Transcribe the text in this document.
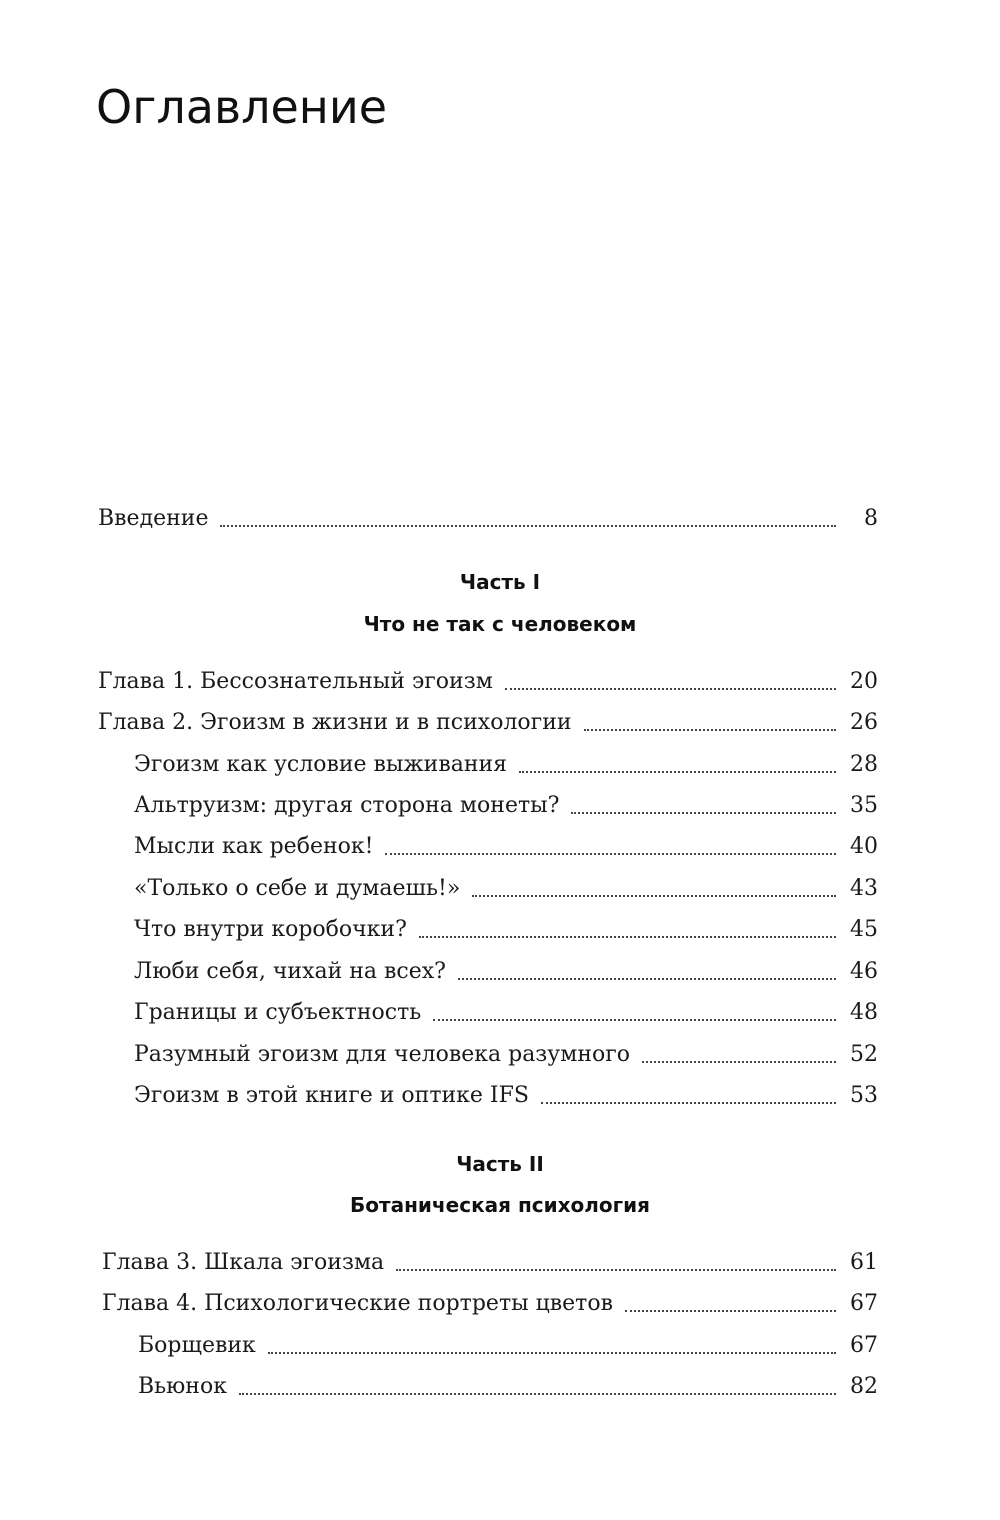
Оглавление
Введение	8
Часть I
Что не так с человеком
Глава 1. Бессознательный эгоизм	20
Глава 2. Эгоизм в жизни и в психологии	26
Эгоизм как условие выживания	28
Альтруизм: другая сторона монеты?	35
Мысли как ребенок!	40
«Только о себе и думаешь!»	43
Что внутри коробочки?	45
Люби себя, чихай на всех?	46
Границы и субъектность	48
Разумный эгоизм для человека разумного	52
Эгоизм в этой книге и оптике IFS	53
Часть II
Ботаническая психология
Глава 3. Шкала эгоизма	61
Глава 4. Психологические портреты цветов	67
Борщевик	67
Вьюнок	82
